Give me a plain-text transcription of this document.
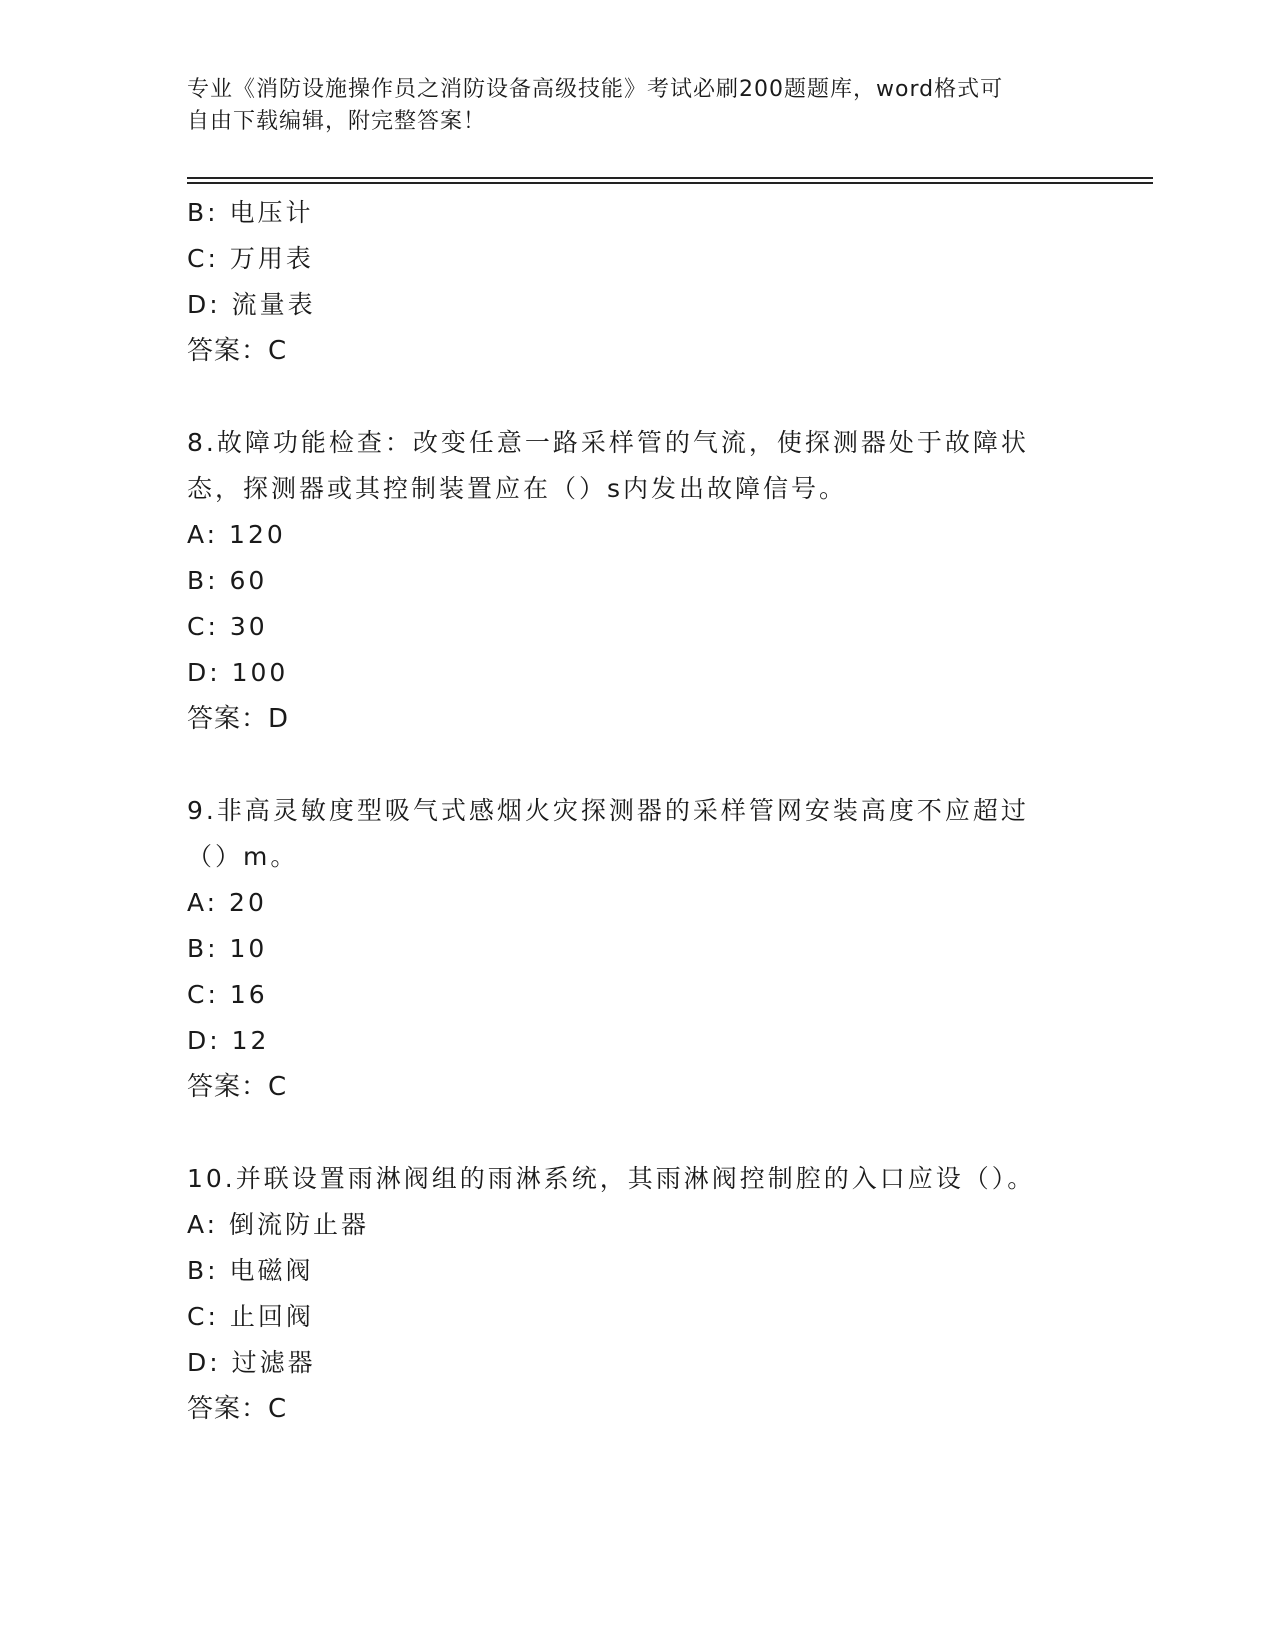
专业《消防设施操作员之消防设备高级技能》考试必刷200题题库，word格式可
自由下载编辑，附完整答案！
B: 电压计
C: 万用表
D: 流量表
答案：C
8.故障功能检查：改变任意一路采样管的气流，使探测器处于故障状
态，探测器或其控制装置应在（）s内发出故障信号。
A: 120
B: 60
C: 30
D: 100
答案：D
9.非高灵敏度型吸气式感烟火灾探测器的采样管网安装高度不应超过
（）m。
A: 20
B: 10
C: 16
D: 12
答案：C
10.并联设置雨淋阀组的雨淋系统，其雨淋阀控制腔的入口应设（）。
A: 倒流防止器
B: 电磁阀
C: 止回阀
D: 过滤器
答案：C
